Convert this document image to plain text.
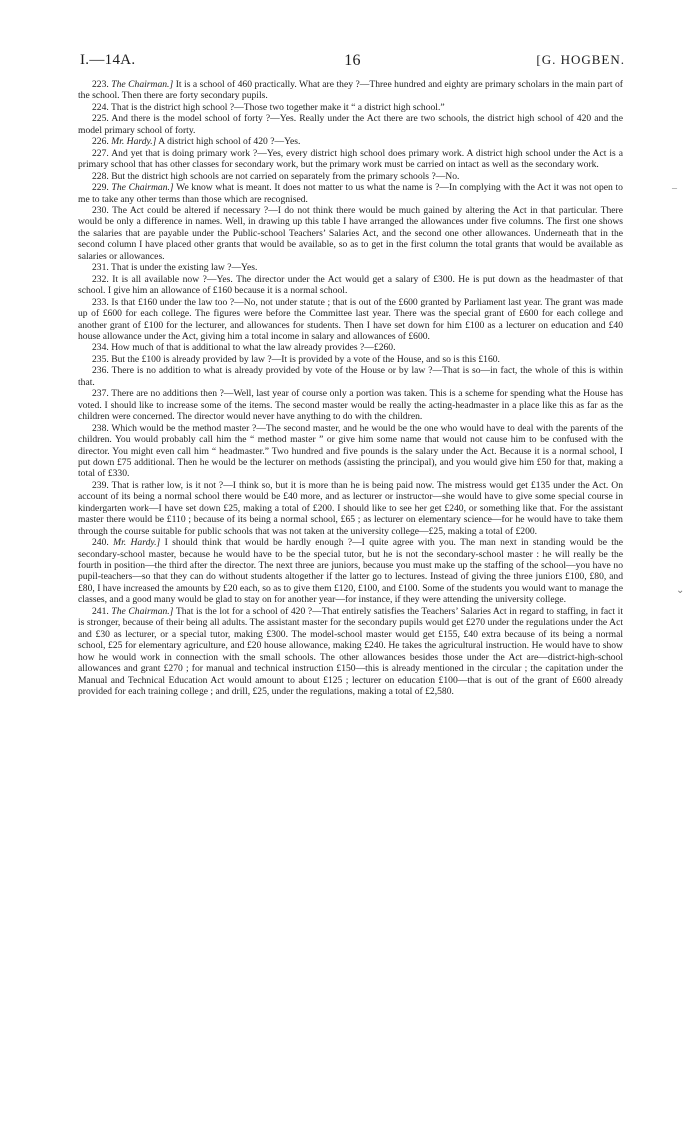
I.—14A.	16	[G. HOGBEN.

223. The Chairman.] It is a school of 460 practically. What are they ?—Three hundred and eighty are primary scholars in the main part of the school. Then there are forty secondary pupils.

224. That is the district high school ?—Those two together make it “ a district high school.”

225. And there is the model school of forty ?—Yes. Really under the Act there are two schools, the district high school of 420 and the model primary school of forty.

226. Mr. Hardy.] A district high school of 420 ?—Yes.

227. And yet that is doing primary work ?—Yes, every district high school does primary work. A district high school under the Act is a primary school that has other classes for secondary work, but the primary work must be carried on intact as well as the secondary work.

228. But the district high schools are not carried on separately from the primary schools ?—No.

229. The Chairman.] We know what is meant. It does not matter to us what the name is ?—In complying with the Act it was not open to me to take any other terms than those which are recognised.

230. The Act could be altered if necessary ?—I do not think there would be much gained by altering the Act in that particular. There would be only a difference in names. Well, in drawing up this table I have arranged the allowances under five columns. The first one shows the salaries that are payable under the Public-school Teachers’ Salaries Act, and the second one other allowances. Underneath that in the second column I have placed other grants that would be available, so as to get in the first column the total grants that would be available as salaries or allowances.

231. That is under the existing law ?—Yes.

232. It is all available now ?—Yes. The director under the Act would get a salary of £300. He is put down as the headmaster of that school. I give him an allowance of £160 because it is a normal school.

233. Is that £160 under the law too ?—No, not under statute ; that is out of the £600 granted by Parliament last year. The grant was made up of £600 for each college. The figures were before the Committee last year. There was the special grant of £600 for each college and another grant of £100 for the lecturer, and allowances for students. Then I have set down for him £100 as a lecturer on education and £40 house allowance under the Act, giving him a total income in salary and allowances of £600.

234. How much of that is additional to what the law already provides ?—£260.

235. But the £100 is already provided by law ?—It is provided by a vote of the House, and so is this £160.

236. There is no addition to what is already provided by vote of the House or by law ?—That is so—in fact, the whole of this is within that.

237. There are no additions then ?—Well, last year of course only a portion was taken. This is a scheme for spending what the House has voted. I should like to increase some of the items. The second master would be really the acting-headmaster in a place like this as far as the children were concerned. The director would never have anything to do with the children.

238. Which would be the method master ?—The second master, and he would be the one who would have to deal with the parents of the children. You would probably call him the “ method master ” or give him some name that would not cause him to be confused with the director. You might even call him “ headmaster.” Two hundred and five pounds is the salary under the Act. Because it is a normal school, I put down £75 additional. Then he would be the lecturer on methods (assisting the principal), and you would give him £50 for that, making a total of £330.

239. That is rather low, is it not ?—I think so, but it is more than he is being paid now. The mistress would get £135 under the Act. On account of its being a normal school there would be £40 more, and as lecturer or instructor—she would have to give some special course in kindergarten work—I have set down £25, making a total of £200. I should like to see her get £240, or something like that. For the assistant master there would be £110 ; because of its being a normal school, £65 ; as lecturer on elementary science—for he would have to take them through the course suitable for public schools that was not taken at the university college—£25, making a total of £200.

240. Mr. Hardy.] I should think that would be hardly enough ?—I quite agree with you. The man next in standing would be the secondary-school master, because he would have to be the special tutor, but he is not the secondary-school master : he will really be the fourth in position—the third after the director. The next three are juniors, because you must make up the staffing of the school—you have no pupil-teachers—so that they can do without students altogether if the latter go to lectures. Instead of giving the three juniors £100, £80, and £80, I have increased the amounts by £20 each, so as to give them £120, £100, and £100. Some of the students you would want to manage the classes, and a good many would be glad to stay on for another year—for instance, if they were attending the university college.

241. The Chairman.] That is the lot for a school of 420 ?—That entirely satisfies the Teachers’ Salaries Act in regard to staffing, in fact it is stronger, because of their being all adults. The assistant master for the secondary pupils would get £270 under the regulations under the Act and £30 as lecturer, or a special tutor, making £300. The model-school master would get £155, £40 extra because of its being a normal school, £25 for elementary agriculture, and £20 house allowance, making £240. He takes the agricultural instruction. He would have to show how he would work in connection with the small schools. The other allowances besides those under the Act are—district-high-school allowances and grant £270 ; for manual and technical instruction £150—this is already mentioned in the circular ; the capitation under the Manual and Technical Education Act would amount to about £125 ; lecturer on education £100—that is out of the grant of £600 already provided for each training college ; and drill, £25, under the regulations, making a total of £2,580.

–
⌄
